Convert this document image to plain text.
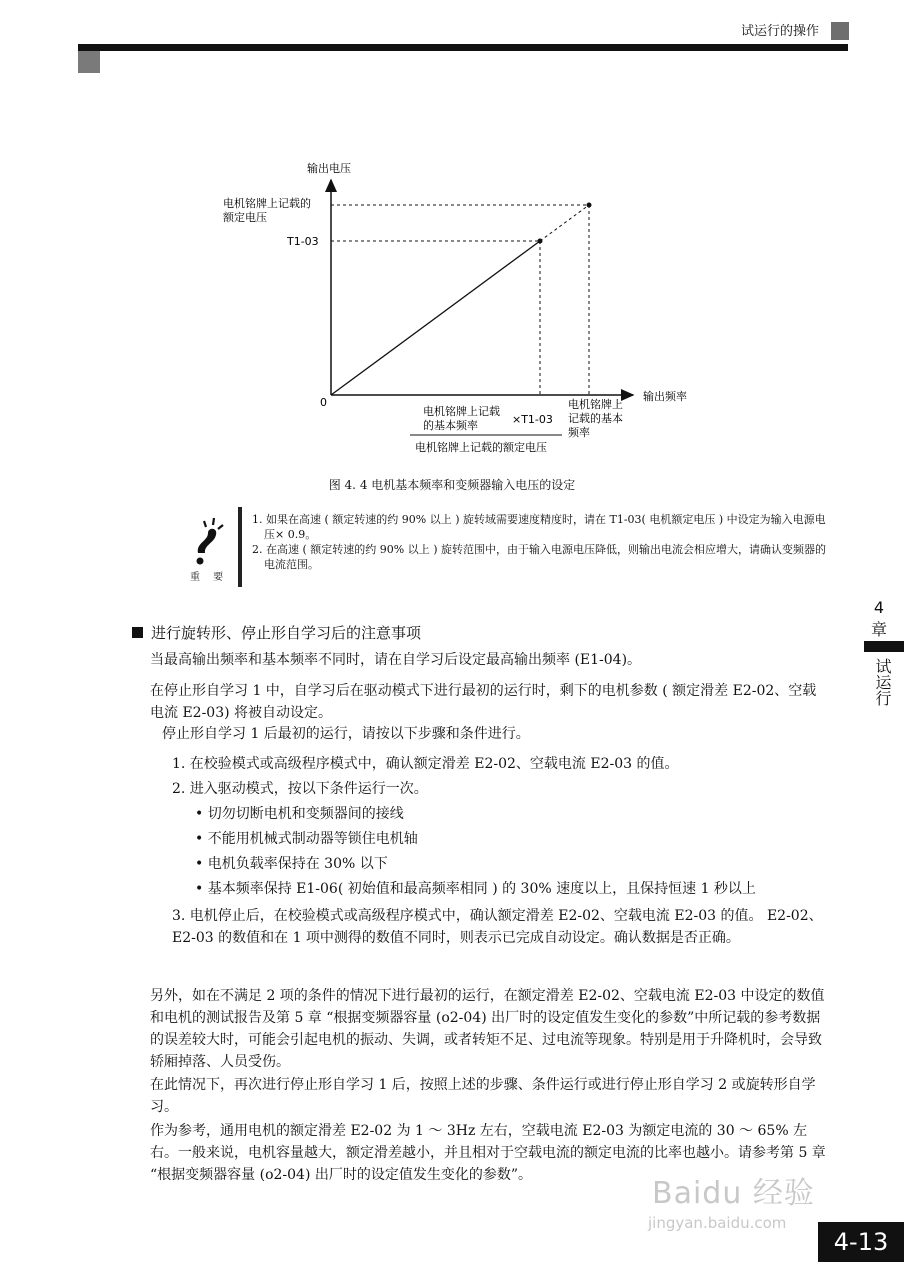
试运行的操作
输出电压
电机铭牌上记载的
额定电压
T1-03
0	输出频率
电机铭牌上记载
的基本频率	×T1-03
电机铭牌上记载的额定电压
电机铭牌上
记载的基本
频率
图 4. 4 电机基本频率和变频器输入电压的设定
重 要
1. 如果在高速 ( 额定转速的约 90% 以上 ) 旋转域需要速度精度时，请在 T1-03( 电机额定电压 ) 中设定为输入电源电压× 0.9。
2. 在高速 ( 额定转速的约 90% 以上 ) 旋转范围中，由于输入电源电压降低，则输出电流会相应增大，请确认变频器的电流范围。
4
章
试运行
进行旋转形、停止形自学习后的注意事项
当最高输出频率和基本频率不同时，请在自学习后设定最高输出频率 (E1-04)。
在停止形自学习 1 中，自学习后在驱动模式下进行最初的运行时，剩下的电机参数 ( 额定滑差 E2-02、空载电流 E2-03) 将被自动设定。
停止形自学习 1 后最初的运行，请按以下步骤和条件进行。
1. 在校验模式或高级程序模式中，确认额定滑差 E2-02、空载电流 E2-03 的值。
2. 进入驱动模式，按以下条件运行一次。
• 切勿切断电机和变频器间的接线
• 不能用机械式制动器等锁住电机轴
• 电机负载率保持在 30% 以下
• 基本频率保持 E1-06( 初始值和最高频率相同 ) 的 30% 速度以上，且保持恒速 1 秒以上
3. 电机停止后，在校验模式或高级程序模式中，确认额定滑差 E2-02、空载电流 E2-03 的值。 E2-02、E2-03 的数值和在 1 项中测得的数值不同时，则表示已完成自动设定。确认数据是否正确。
另外，如在不满足 2 项的条件的情况下进行最初的运行，在额定滑差 E2-02、空载电流 E2-03 中设定的数值和电机的测试报告及第 5 章 “根据变频器容量 (o2-04) 出厂时的设定值发生变化的参数”中所记载的参考数据的误差较大时，可能会引起电机的振动、失调，或者转矩不足、过电流等现象。特别是用于升降机时，会导致轿厢掉落、人员受伤。
在此情况下，再次进行停止形自学习 1 后，按照上述的步骤、条件运行或进行停止形自学习 2 或旋转形自学习。
作为参考，通用电机的额定滑差 E2-02 为 1 ～ 3Hz 左右，空载电流 E2-03 为额定电流的 30 ～ 65% 左右。一般来说，电机容量越大，额定滑差越小，并且相对于空载电流的额定电流的比率也越小。请参考第 5 章 “根据变频器容量 (o2-04) 出厂时的设定值发生变化的参数”。
Baidu 经验
jingyan.baidu.com
4-13
